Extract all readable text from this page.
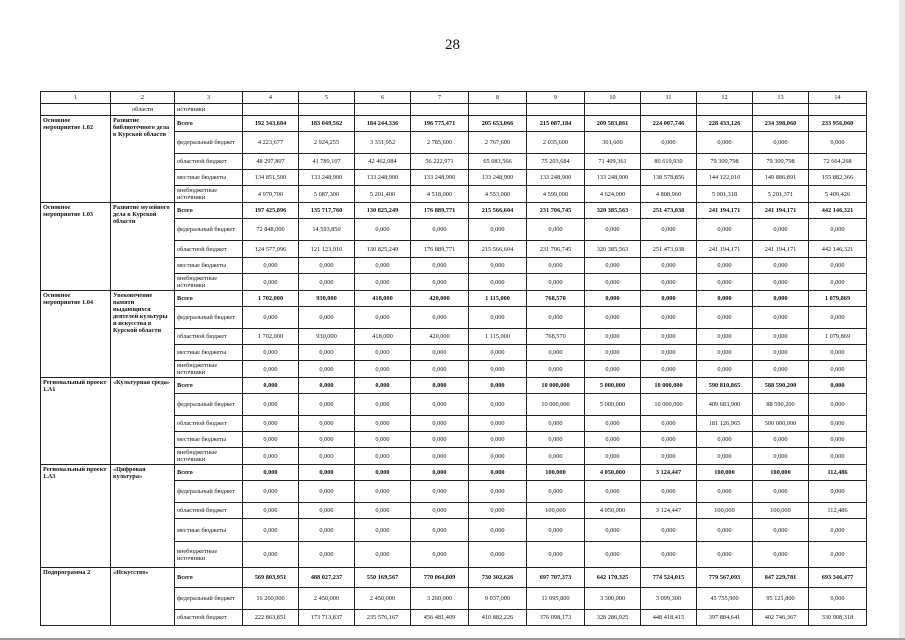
28
1	2	3	4	5	6	7	8	9	10	11	12	13	14
	области	источники											
Основное мероприятие 1.02	Развитие библиотечного дела в Курской области	Всего	192 343,684	183 049,562	184 244,336	196 775,471	205 653,066	215 087,184	209 583,861	224 007,746	228 433,126	234 398,060	233 956,060
		федеральный бюджет	4 223,677	2 924,255	3 331,952	2 785,600	2 767,600	2 035,600	301,600	0,000	0,000	0,000	0,000
		областной бюджет	48 297,807	41 789,107	42 462,084	56 222,971	65 083,566	75 203,684	71 409,361	80 619,930	79 309,798	79 309,798	72 664,268
		местные бюджеты	134 851,500	133 248,900	133 248,900	133 248,900	133 248,900	133 248,900	133 248,900	138 578,856	144 122,010	149 886,891	155 882,366
		внебюджетные источники	4 970,700	5 087,300	5 201,400	4 518,000	4 553,000	4 599,000	4 624,000	4 808,960	5 001,318	5 201,371	5 409,426
Основное мероприятие 1.03	Развитие музейного дела в Курской области	Всего	197 425,896	135 717,760	130 825,249	176 889,771	215 566,604	231 706,745	320 385,563	251 473,038	241 194,171	241 194,171	442 146,321
		федеральный бюджет	72 848,000	14 593,850	0,000	0,000	0,000	0,000	0,000	0,000	0,000	0,000	0,000
		областной бюджет	124 577,096	121 123,910	130 825,249	176 889,771	215 566,604	231 706,745	320 385,563	251 473,038	241 194,171	241 194,171	442 146,321
		местные бюджеты	0,000	0,000	0,000	0,000	0,000	0,000	0,000	0,000	0,000	0,000	0,000
		внебюджетные источники	0,000	0,000	0,000	0,000	0,000	0,000	0,000	0,000	0,000	0,000	0,000
Основное мероприятие 1.04	Увековечение памяти выдающихся деятелей культуры и искусства в Курской области	Всего	1 702,000	930,000	418,000	420,000	1 115,000	768,570	0,000	0,000	0,000	0,000	1 079,869
		федеральный бюджет	0,000	0,000	0,000	0,000	0,000	0,000	0,000	0,000	0,000	0,000	0,000
		областной бюджет	1 702,000	930,000	418,000	420,000	1 115,000	768,570	0,000	0,000	0,000	0,000	1 079,869
		местные бюджеты	0,000	0,000	0,000	0,000	0,000	0,000	0,000	0,000	0,000	0,000	0,000
		внебюджетные источники	0,000	0,000	0,000	0,000	0,000	0,000	0,000	0,000	0,000	0,000	0,000
Региональный проект 1.А1	«Культурная среда»	Всего	0,000	0,000	0,000	0,000	0,000	10 000,000	5 000,000	10 000,000	590 810,865	588 590,200	0,000
		федеральный бюджет	0,000	0,000	0,000	0,000	0,000	10 000,000	5 000,000	10 000,000	409 683,900	88 590,200	0,000
		областной бюджет	0,000	0,000	0,000	0,000	0,000	0,000	0,000	0,000	181 126,965	500 000,000	0,000
		местные бюджеты	0,000	0,000	0,000	0,000	0,000	0,000	0,000	0,000	0,000	0,000	0,000
		внебюджетные источники	0,000	0,000	0,000	0,000	0,000	0,000	0,000	0,000	0,000	0,000	0,000
Региональный проект 1.А3	«Цифровая культура»	Всего	0,000	0,000	0,000	0,000	0,000	100,000	4 050,000	3 124,447	100,000	100,000	112,486
		федеральный бюджет	0,000	0,000	0,000	0,000	0,000	0,000	0,000	0,000	0,000	0,000	0,000
		областной бюджет	0,000	0,000	0,000	0,000	0,000	100,000	4 050,000	3 124,447	100,000	100,000	112,486
		местные бюджеты	0,000	0,000	0,000	0,000	0,000	0,000	0,000	0,000	0,000	0,000	0,000
		внебюджетные источники	0,000	0,000	0,000	0,000	0,000	0,000	0,000	0,000	0,000	0,000	0,000
Подпрограмма 2	«Искусство»	Всего	569 803,951	488 027,237	550 169,567	770 064,809	730 302,626	697 707,373	642 170,325	774 524,015	779 567,093	847 229,781	693 346,477
		федеральный бюджет	16 260,000	2 450,000	2 450,000	3 260,000	9 037,000	11 095,800	3 300,000	3 099,300	45 755,900	95 121,800	0,000
		областной бюджет	222 863,851	173 713,837	235 576,167	456 481,409	410 882,226	376 098,173	328 286,925	448 418,415	397 884,641	402 746,367	330 008,318
